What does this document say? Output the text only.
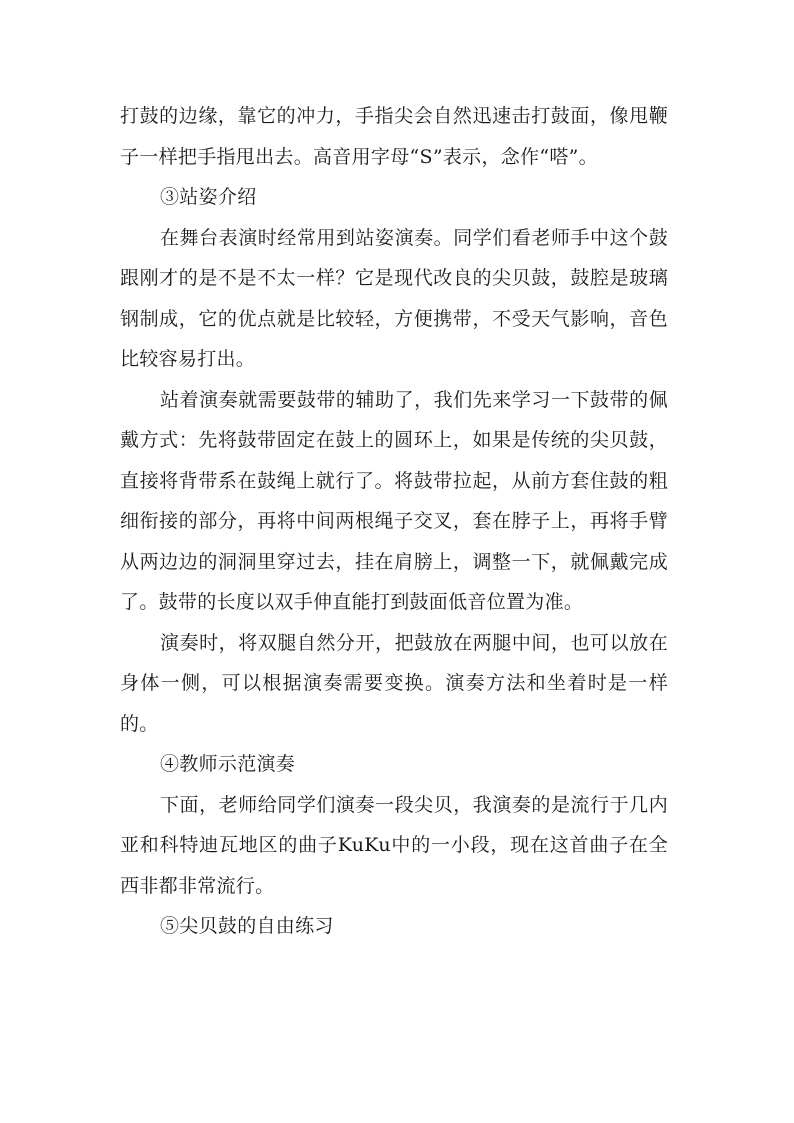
打鼓的边缘，靠它的冲力，手指尖会自然迅速击打鼓面，像甩鞭子一样把手指甩出去。高音用字母“S”表示，念作“嗒”。

③站姿介绍

在舞台表演时经常用到站姿演奏。同学们看老师手中这个鼓跟刚才的是不是不太一样？它是现代改良的尖贝鼓，鼓腔是玻璃钢制成，它的优点就是比较轻，方便携带，不受天气影响，音色比较容易打出。

站着演奏就需要鼓带的辅助了，我们先来学习一下鼓带的佩戴方式：先将鼓带固定在鼓上的圆环上，如果是传统的尖贝鼓，直接将背带系在鼓绳上就行了。将鼓带拉起，从前方套住鼓的粗细衔接的部分，再将中间两根绳子交叉，套在脖子上，再将手臂从两边边的洞洞里穿过去，挂在肩膀上，调整一下，就佩戴完成了。鼓带的长度以双手伸直能打到鼓面低音位置为准。

演奏时，将双腿自然分开，把鼓放在两腿中间，也可以放在身体一侧，可以根据演奏需要变换。演奏方法和坐着时是一样的。

④教师示范演奏

下面，老师给同学们演奏一段尖贝，我演奏的是流行于几内亚和科特迪瓦地区的曲子KuKu中的一小段，现在这首曲子在全西非都非常流行。

⑤尖贝鼓的自由练习
